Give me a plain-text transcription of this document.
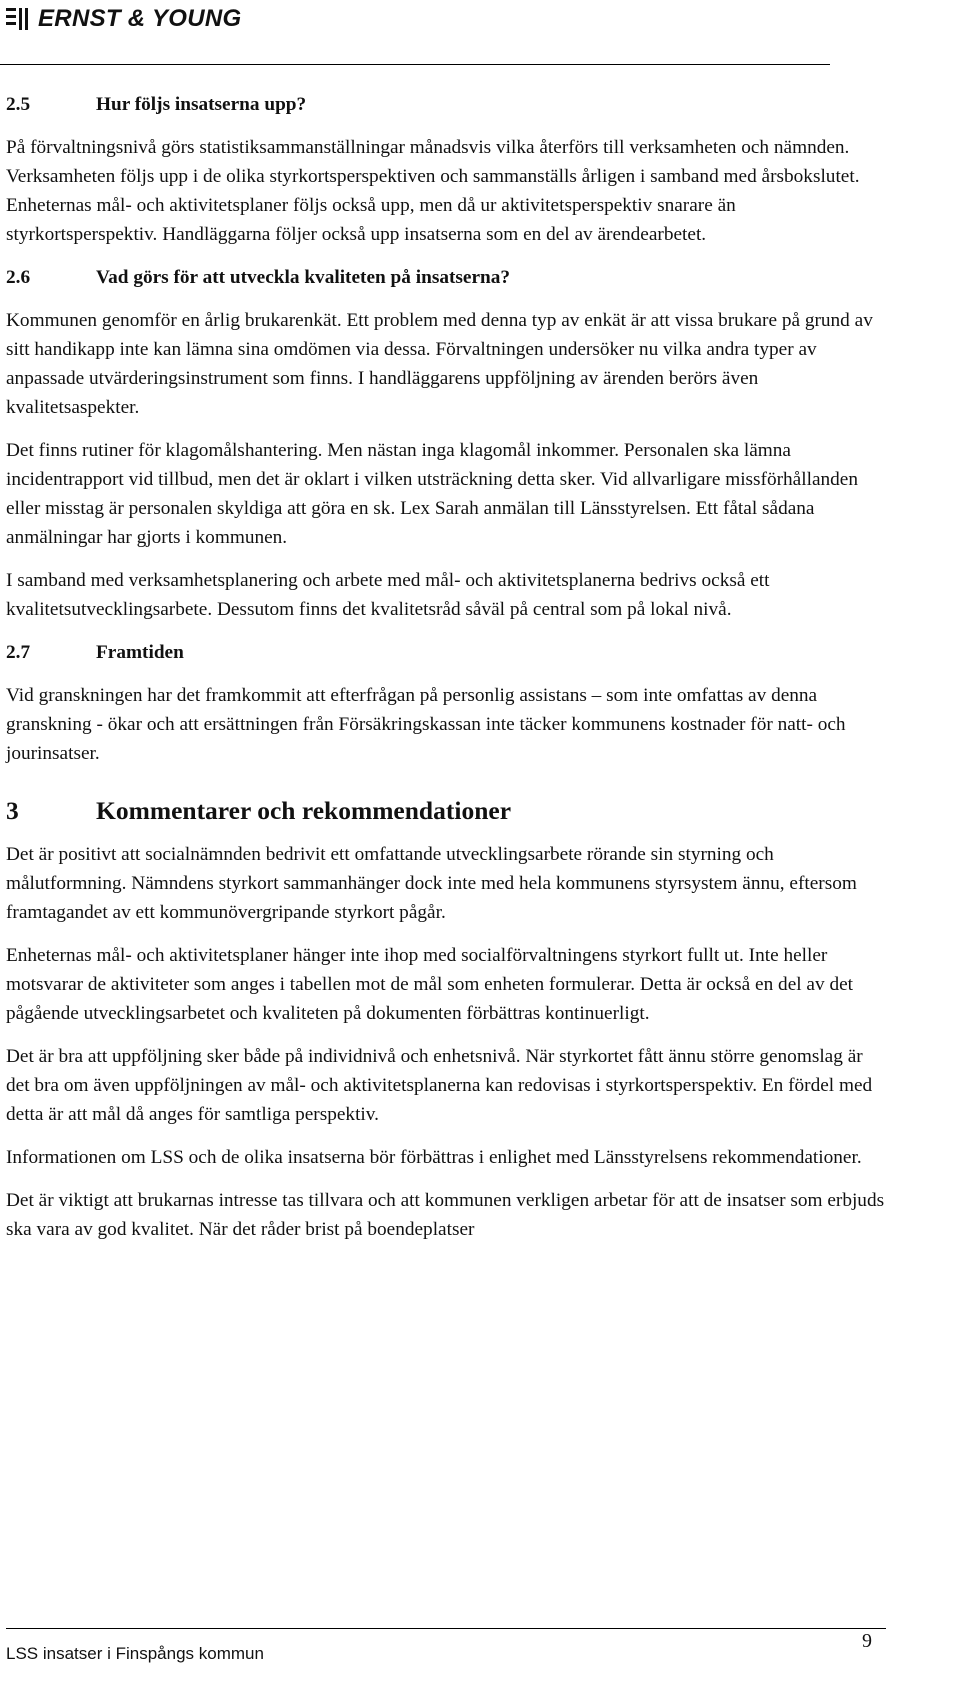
ERNST & YOUNG
2.5	Hur följs insatserna upp?
På förvaltningsnivå görs statistiksammanställningar månadsvis vilka återförs till verksamheten och nämnden. Verksamheten följs upp i de olika styrkortsperspektiven och sammanställs årligen i samband med årsbokslutet. Enheternas mål- och aktivitetsplaner följs också upp, men då ur aktivitetsperspektiv snarare än styrkortsperspektiv. Handläggarna följer också upp insatserna som en del av ärendearbetet.
2.6	Vad görs för att utveckla kvaliteten på insatserna?
Kommunen genomför en årlig brukarenkät. Ett problem med denna typ av enkät är att vissa brukare på grund av sitt handikapp inte kan lämna sina omdömen via dessa. Förvaltningen undersöker nu vilka andra typer av anpassade utvärderingsinstrument som finns. I handläggarens uppföljning av ärenden berörs även kvalitetsaspekter.
Det finns rutiner för klagomålshantering. Men nästan inga klagomål inkommer. Personalen ska lämna incidentrapport vid tillbud, men det är oklart i vilken utsträckning detta sker. Vid allvarligare missförhållanden eller misstag är personalen skyldiga att göra en sk. Lex Sarah anmälan till Länsstyrelsen. Ett fåtal sådana anmälningar har gjorts i kommunen.
I samband med verksamhetsplanering och arbete med mål- och aktivitetsplanerna bedrivs också ett kvalitetsutvecklingsarbete. Dessutom finns det kvalitetsråd såväl på central som på lokal nivå.
2.7	Framtiden
Vid granskningen har det framkommit att efterfrågan på personlig assistans – som inte omfattas av denna granskning - ökar och att ersättningen från Försäkringskassan inte täcker kommunens kostnader för natt- och jourinsatser.
3	Kommentarer och rekommendationer
Det är positivt att socialnämnden bedrivit ett omfattande utvecklingsarbete rörande sin styrning och målutformning. Nämndens styrkort sammanhänger dock inte med hela kommunens styrsystem ännu, eftersom framtagandet av ett kommunövergripande styrkort pågår.
Enheternas mål- och aktivitetsplaner hänger inte ihop med socialförvaltningens styrkort fullt ut. Inte heller motsvarar de aktiviteter som anges i tabellen mot de mål som enheten formulerar. Detta är också en del av det pågående utvecklingsarbetet och kvaliteten på dokumenten förbättras kontinuerligt.
Det är bra att uppföljning sker både på individnivå och enhetsnivå. När styrkortet fått ännu större genomslag är det bra om även uppföljningen av mål- och aktivitetsplanerna kan redovisas i styrkortsperspektiv. En fördel med detta är att mål då anges för samtliga perspektiv.
Informationen om LSS och de olika insatserna bör förbättras i enlighet med Länsstyrelsens rekommendationer.
Det är viktigt att brukarnas intresse tas tillvara och att kommunen verkligen arbetar för att de insatser som erbjuds ska vara av god kvalitet. När det råder brist på boendeplatser
LSS insatser i Finspångs kommun
9
